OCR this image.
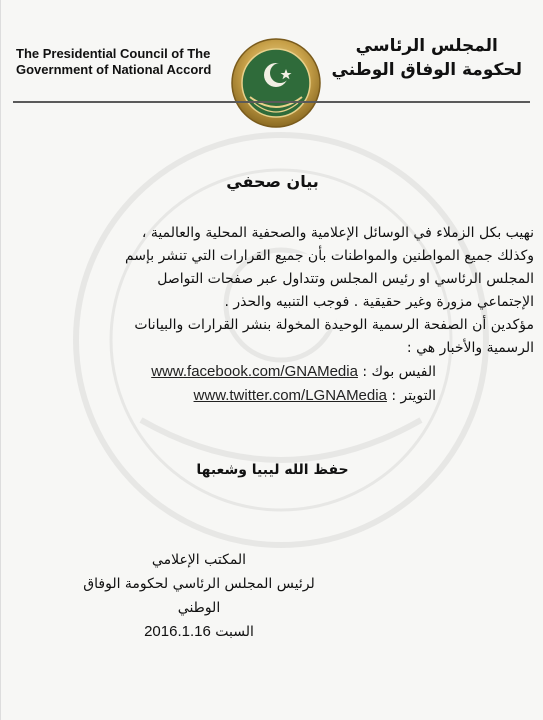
The Presidential Council of The
Government of National Accord
المجلس الرئاسي
لحكومة الوفاق الوطني
بيان صحفي
نهيب بكل الزملاء في الوسائل الإعلامية والصحفية المحلية والعالمية ،
وكذلك جميع المواطنين والمواطنات بأن جميع القرارات التي تنشر بإسم
المجلس الرئاسي او رئيس المجلس وتتداول عبر صفحات التواصل
الإجتماعي مزورة وغير حقيقية . فوجب التنبيه والحذر .
مؤكدين أن الصفحة الرسمية الوحيدة المخولة بنشر القرارات والبيانات
الرسمية والأخبار هي :
الفيس بوك : www.facebook.com/GNAMedia
التويتر : www.twitter.com/LGNAMedia
حفظ الله ليبيا وشعبها
المكتب الإعلامي
لرئيس المجلس الرئاسي لحكومة الوفاق الوطني
السبت 2016.1.16
